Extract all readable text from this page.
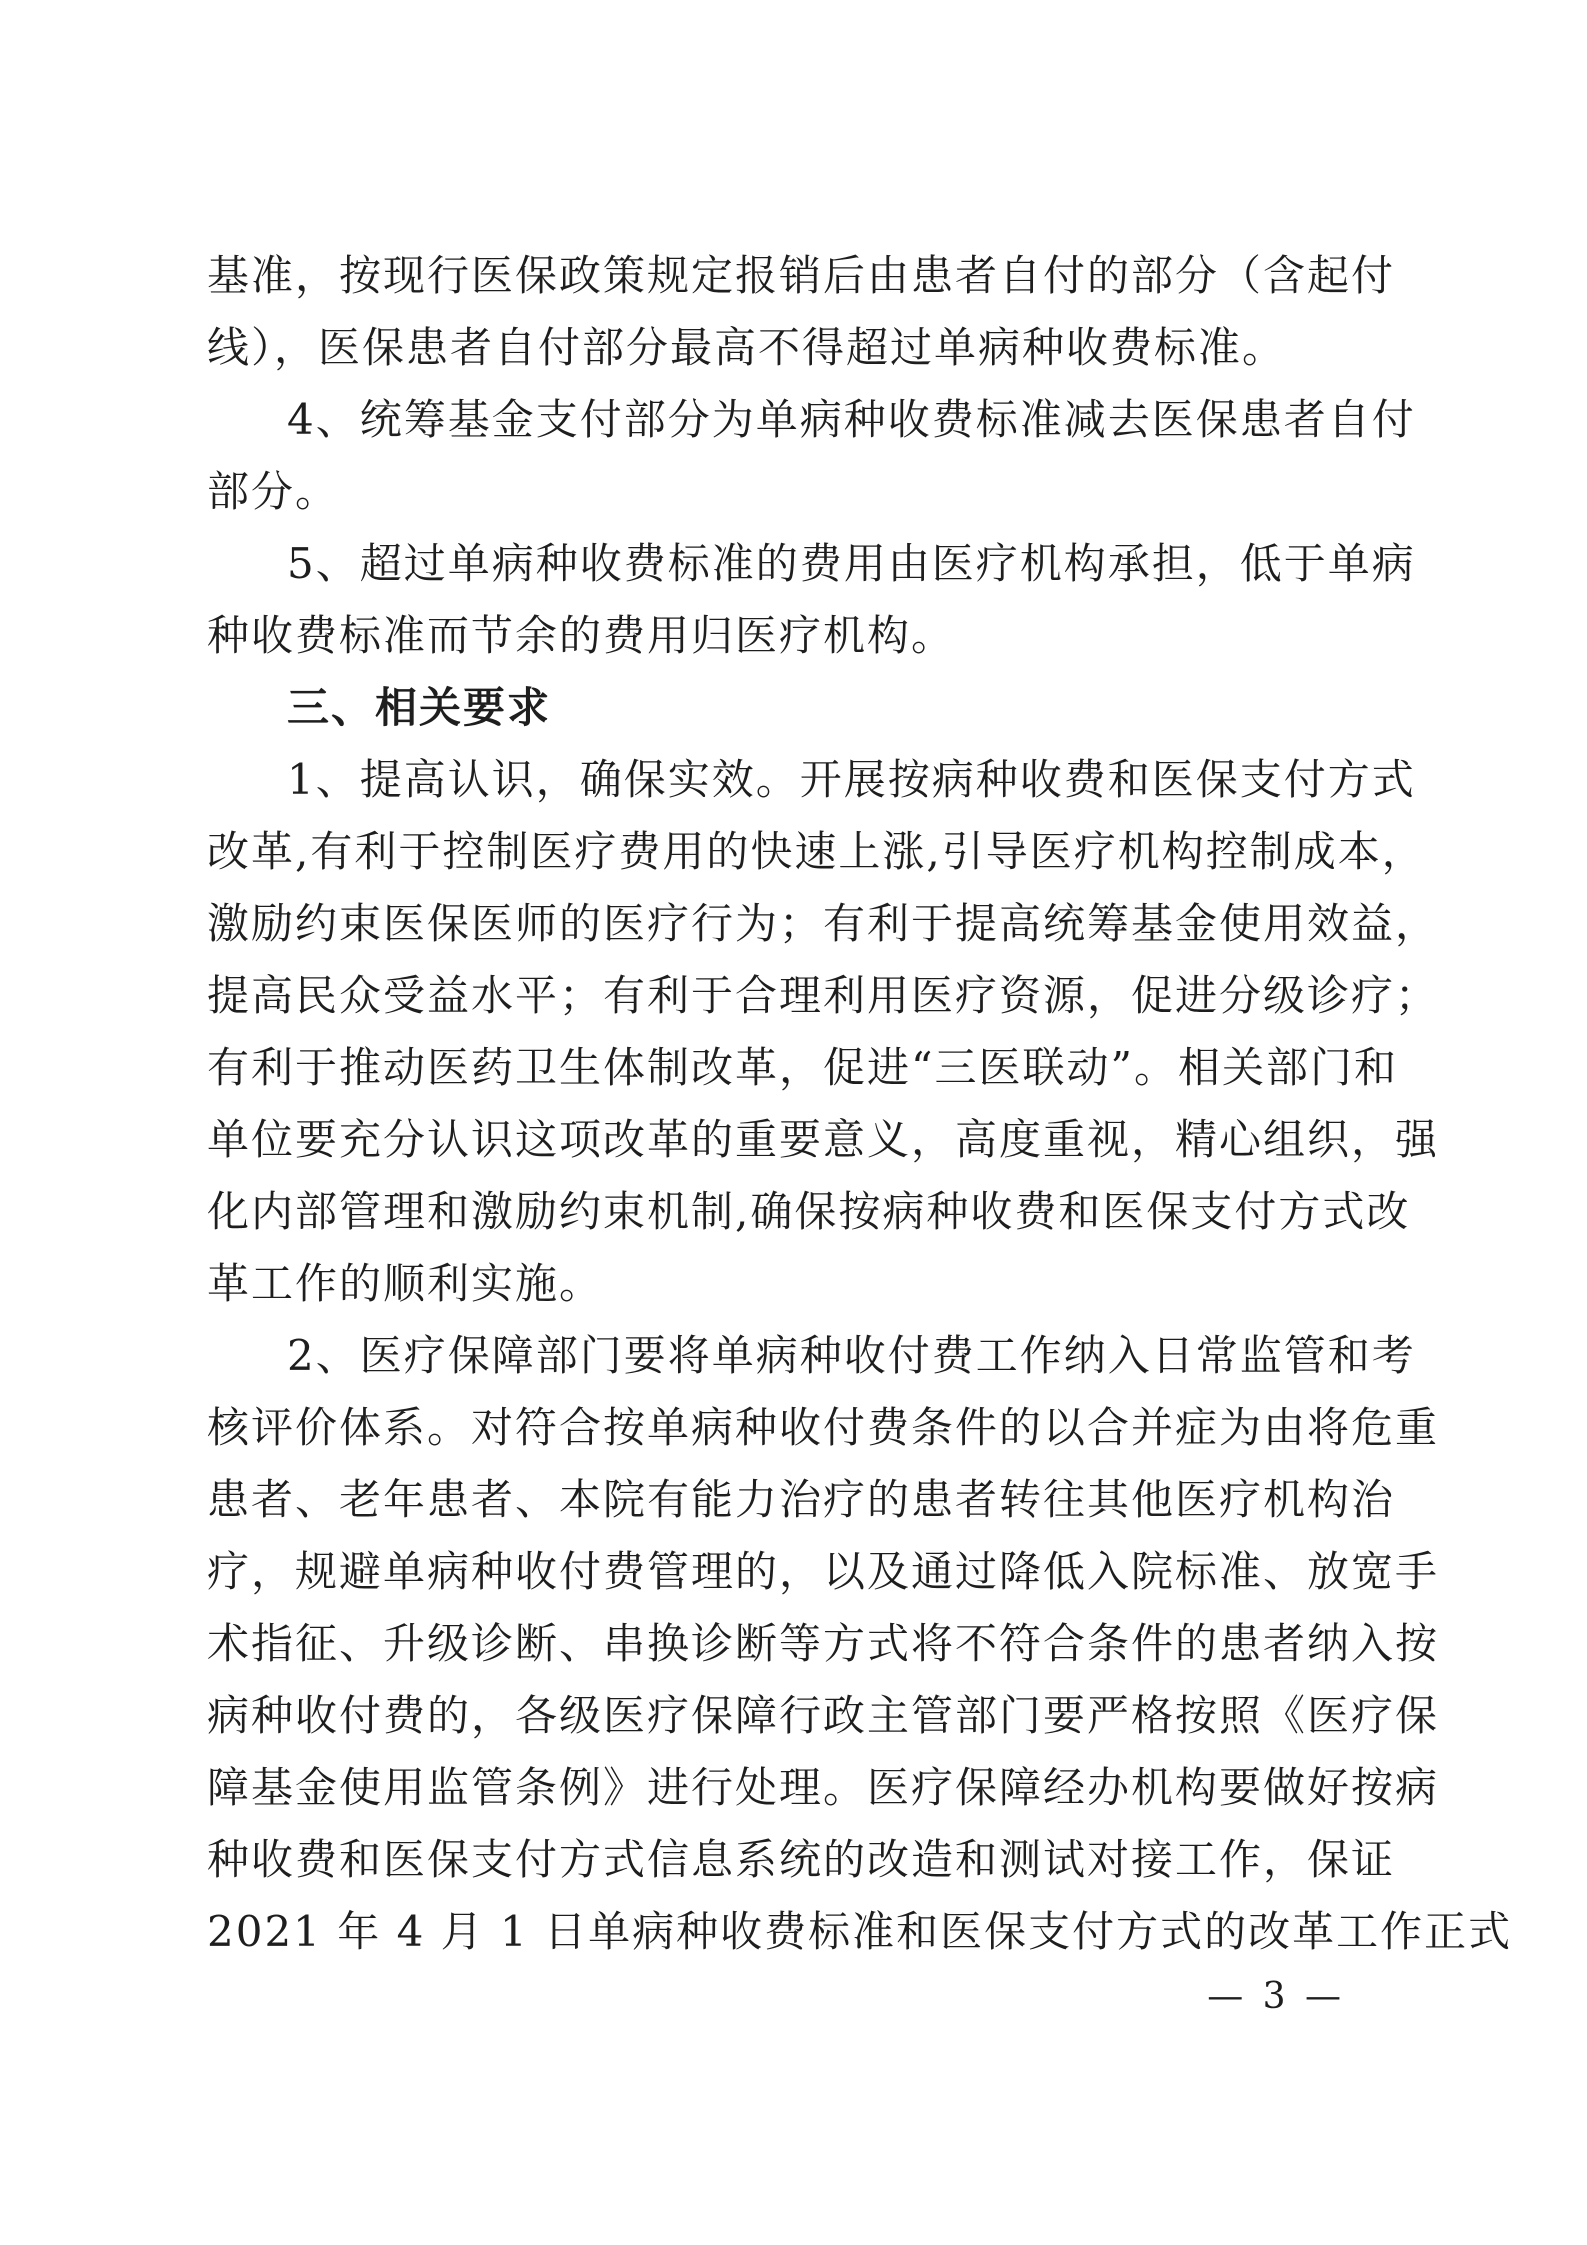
基准，按现行医保政策规定报销后由患者自付的部分（含起付
线），医保患者自付部分最高不得超过单病种收费标准。
4、统筹基金支付部分为单病种收费标准减去医保患者自付
部分。
5、超过单病种收费标准的费用由医疗机构承担，低于单病
种收费标准而节余的费用归医疗机构。
三、相关要求
1、提高认识，确保实效。开展按病种收费和医保支付方式
改革,有利于控制医疗费用的快速上涨,引导医疗机构控制成本，
激励约束医保医师的医疗行为；有利于提高统筹基金使用效益，
提高民众受益水平；有利于合理利用医疗资源，促进分级诊疗；
有利于推动医药卫生体制改革，促进“三医联动”。相关部门和
单位要充分认识这项改革的重要意义，高度重视，精心组织，强
化内部管理和激励约束机制,确保按病种收费和医保支付方式改
革工作的顺利实施。
2、医疗保障部门要将单病种收付费工作纳入日常监管和考
核评价体系。对符合按单病种收付费条件的以合并症为由将危重
患者、老年患者、本院有能力治疗的患者转往其他医疗机构治
疗，规避单病种收付费管理的，以及通过降低入院标准、放宽手
术指征、升级诊断、串换诊断等方式将不符合条件的患者纳入按
病种收付费的，各级医疗保障行政主管部门要严格按照《医疗保
障基金使用监管条例》进行处理。医疗保障经办机构要做好按病
种收费和医保支付方式信息系统的改造和测试对接工作，保证
2021 年 4 月 1 日单病种收费标准和医保支付方式的改革工作正式
— 3 —
